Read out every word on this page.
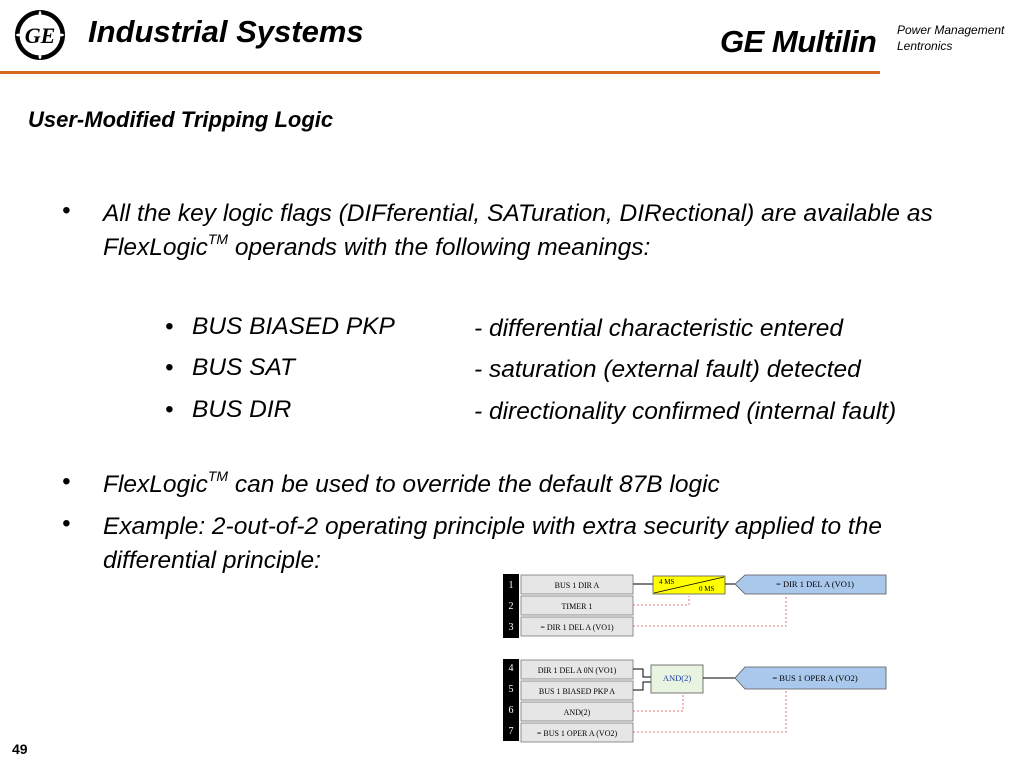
GE Industrial Systems	GE Multilin Power Management
Lentronics
User-Modified Tripping Logic
• All the key logic flags (DIFferential, SATuration, DIRectional) are available as FlexLogic™ operands with the following meanings:
• BUS BIASED PKP	- differential characteristic entered
• BUS SAT	- saturation (external fault) detected
• BUS DIR	- directionality confirmed (internal fault)
• FlexLogic™ can be used to override the default 87B logic
• Example: 2-out-of-2 operating principle with extra security applied to the differential principle:
1
2
3
4
5
6
7
BUS 1 DIR A
TIMER 1
= DIR 1 DEL A (VO1)
DIR 1 DEL A 0N (VO1)
BUS 1 BIASED PKP A
AND(2)
= BUS 1 OPER A (VO2)
4 MS
0 MS	= DIR 1 DEL A (VO1)
AND(2)	= BUS 1 OPER A (VO2)
49
